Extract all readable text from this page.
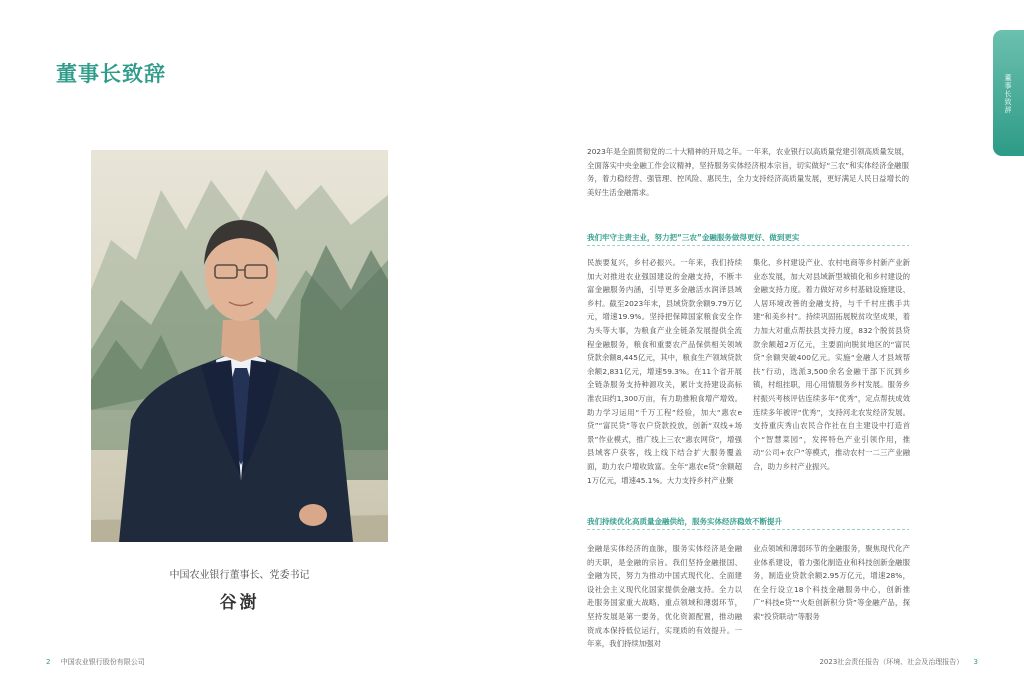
董事长致辞	董事长致辞
中国农业银行董事长、党委书记
谷澍

2023年是全面贯彻党的二十大精神的开局之年。一年来，农业银行以高质量党建引领高质量发展，全面落实中央金融工作会议精神，坚持服务实体经济根本宗旨，切实做好“三农”和实体经济金融服务，着力稳经营、强管理、控风险、惠民生，全力支持经济高质量发展，更好满足人民日益增长的美好生活金融需求。

我们牢守主责主业，努力把“三农”金融服务做得更好、做到更实

民族要复兴，乡村必振兴。一年来，我们持续加大对推进农业强国建设的金融支持，不断丰富金融服务内涵，引导更多金融活水润泽县域乡村。截至2023年末，县域贷款余额9.79万亿元，增速19.9%。坚持把保障国家粮食安全作为头等大事，为粮食产业全链条发展提供全流程金融服务，粮食和重要农产品保供相关领域贷款余额8,445亿元，其中，粮食生产领域贷款余额2,831亿元，增速59.3%。在11个省开展全链条服务支持种源攻关，累计支持建设高标准农田约1,300万亩，有力助推粮食增产增效。助力学习运用“千万工程”经验，加大“惠农e贷”“富民贷”等农户贷款投放，创新“双线+场景”作业模式，推广线上三农“惠农网贷”，增强县域客户获客，线上线下结合扩大服务覆盖面，助力农户增收致富。全年“惠农e贷”余额超1万亿元，增速45.1%。大力支持乡村产业聚

集化、乡村建设产业、农村电商等乡村新产业新业态发展，加大对县域新型城镇化和乡村建设的金融支持力度。着力做好对乡村基础设施建设、人居环境改善的金融支持，与千千村庄携手共建“和美乡村”。持续巩固拓展脱贫攻坚成果，着力加大对重点帮扶县支持力度，832个脱贫县贷款余额超2万亿元，主要面向脱贫地区的“富民贷”余额突破400亿元。实施“金融人才县域帮扶”行动，选派3,500余名金融干部下沉到乡镇，村组挂职，用心用情服务乡村发展。服务乡村振兴考核评估连续多年“优秀”，定点帮扶成效连续多年被评“优秀”，支持河北农发经济发展。支持重庆秀山农民合作社在自主建设中打造首个“智慧菜园”，发挥特色产业引领作用，推动“公司+农户”等模式，推动农村一二三产业融合，助力乡村产业振兴。

我们持续优化高质量金融供给，服务实体经济稳效不断提升

金融是实体经济的血脉，服务实体经济是金融的天职，是金融的宗旨。我们坚持金融报国、金融为民，努力为推动中国式现代化、全面建设社会主义现代化国家提供金融支持。全力以赴服务国家重大战略、重点领域和薄弱环节，坚持发展是第一要务，优化资源配置，推动融资成本保持低位运行，实现质的有效提升。一年来，我们持续加强对

业点领域和薄弱环节的金融服务，聚焦现代化产业体系建设，着力强化制造业和科技创新金融服务，制造业贷款余额2.95万亿元，增速28%，在全行设立18个科技金融服务中心，创新推广“科技e贷”“火炬创新积分贷”等金融产品，探索“投贷联动”等服务

2 中国农业银行股份有限公司	2023社会责任报告（环境、社会及治理报告） 3
